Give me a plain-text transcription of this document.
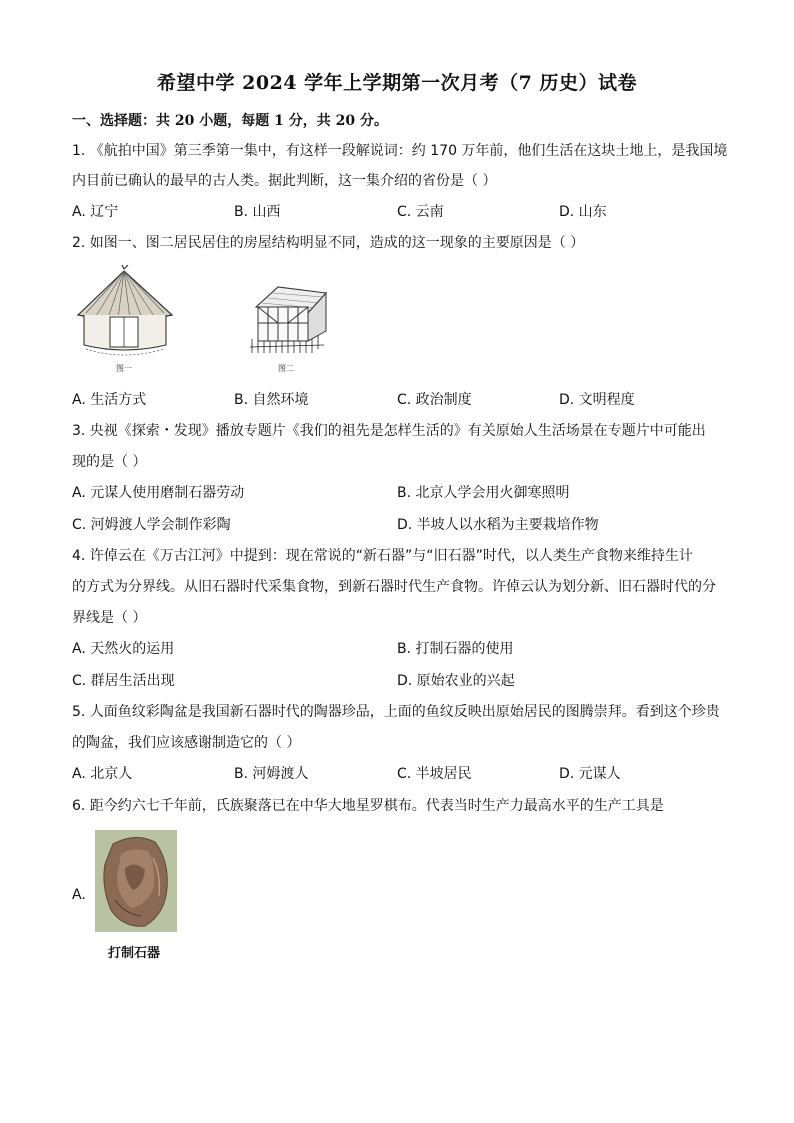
希望中学 2024 学年上学期第一次月考（7 历史）试卷
一、选择题：共 20 小题，每题 1 分，共 20 分。
1. 《航拍中国》第三季第一集中，有这样一段解说词：约 170 万年前，他们生活在这块土地上，是我国境
内目前已确认的最早的古人类。据此判断，这一集介绍的省份是（ ）
A. 辽宁	B. 山西	C. 云南	D. 山东
2. 如图一、图二居民居住的房屋结构明显不同，造成的这一现象的主要原因是（ ）
图一	图二
A. 生活方式	B. 自然环境	C. 政治制度	D. 文明程度
3. 央视《探索・发现》播放专题片《我们的祖先是怎样生活的》有关原始人生活场景在专题片中可能出
现的是（ ）
A. 元谋人使用磨制石器劳动	B. 北京人学会用火御寒照明
C. 河姆渡人学会制作彩陶	D. 半坡人以水稻为主要栽培作物
4. 许倬云在《万古江河》中提到：现在常说的“新石器”与“旧石器”时代，以人类生产食物来维持生计
的方式为分界线。从旧石器时代采集食物，到新石器时代生产食物。许倬云认为划分新、旧石器时代的分
界线是（ ）
A. 天然火的运用	B. 打制石器的使用
C. 群居生活出现	D. 原始农业的兴起
5. 人面鱼纹彩陶盆是我国新石器时代的陶器珍品，上面的鱼纹反映出原始居民的图腾崇拜。看到这个珍贵
的陶盆，我们应该感谢制造它的（ ）
A. 北京人	B. 河姆渡人	C. 半坡居民	D. 元谋人
6. 距今约六七千年前，氏族聚落已在中华大地星罗棋布。代表当时生产力最高水平的生产工具是
A.
打制石器
